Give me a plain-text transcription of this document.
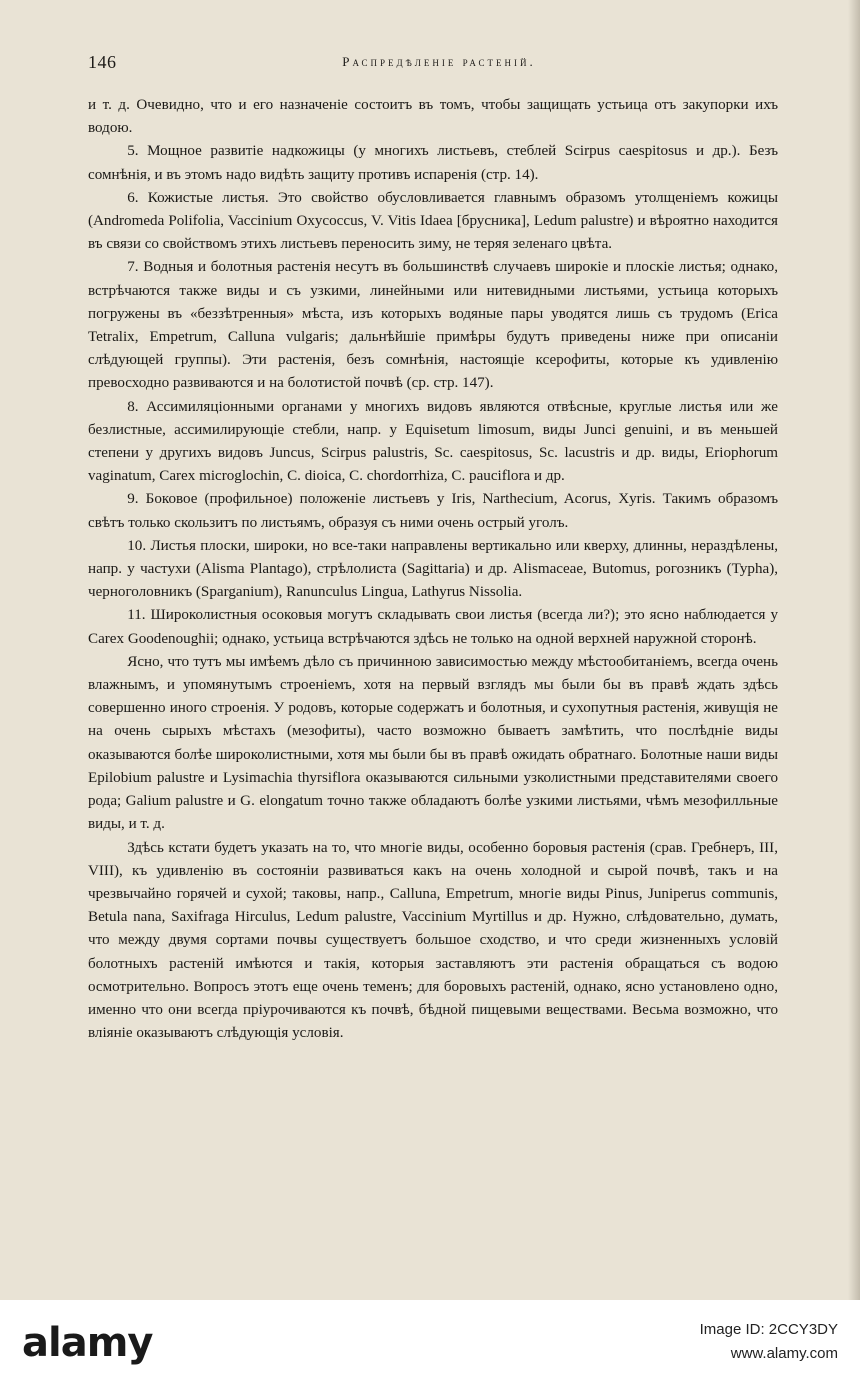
146	Распредѣленіе растеній.

и т. д. Очевидно, что и его назначеніе состоитъ въ томъ, чтобы защищать устьица отъ закупорки ихъ водою.

5. Мощное развитіе надкожицы (у многихъ листьевъ, стеблей Scirpus caespitosus и др.). Безъ сомнѣнія, и въ этомъ надо видѣть защиту противъ испаренія (стр. 14).

6. Кожистые листья. Это свойство обусловливается главнымъ образомъ утолщеніемъ кожицы (Andromeda Polifolia, Vaccinium Oxycoccus, V. Vitis Idaea [брусника], Ledum palustre) и вѣроятно находится въ связи со свойствомъ этихъ листьевъ переносить зиму, не теряя зеленаго цвѣта.

7. Водныя и болотныя растенія несутъ въ большинствѣ случаевъ широкіе и плоскіе листья; однако, встрѣчаются также виды и съ узкими, линейными или нитевидными листьями, устьица которыхъ погружены въ «беззѣтренныя» мѣста, изъ которыхъ водяные пары уводятся лишь съ трудомъ (Erica Tetralix, Empetrum, Calluna vulgaris; дальнѣйшіе примѣры будутъ приведены ниже при описаніи слѣдующей группы). Эти растенія, безъ сомнѣнія, настоящіе ксерофиты, которые къ удивленію превосходно развиваются и на болотистой почвѣ (ср. стр. 147).

8. Ассимиляціонными органами у многихъ видовъ являются отвѣсные, круглые листья или же безлистные, ассимилирующіе стебли, напр. у Equisetum limosum, виды Junci genuini, и въ меньшей степени у другихъ видовъ Juncus, Scirpus palustris, Sc. caespitosus, Sc. lacustris и др. виды, Eriophorum vaginatum, Carex microglochin, C. dioica, C. chordorrhiza, C. pauciflora и др.

9. Боковое (профильное) положеніе листьевъ у Iris, Narthecium, Acorus, Xyris. Такимъ образомъ свѣтъ только скользитъ по листьямъ, образуя съ ними очень острый уголъ.

10. Листья плоски, широки, но все-таки направлены вертикально или кверху, длинны, нераздѣлены, напр. у частухи (Alisma Plantago), стрѣлолиста (Sagittaria) и др. Alismaceae, Butomus, рогозникъ (Typha), черноголовникъ (Sparganium), Ranunculus Lingua, Lathyrus Nissolia.

11. Широколистныя осоковыя могутъ складывать свои листья (всегда ли?); это ясно наблюдается у Carex Goodenoughii; однако, устьица встрѣчаются здѣсь не только на одной верхней наружной сторонѣ.

Ясно, что тутъ мы имѣемъ дѣло съ причинною зависимостью между мѣстообитаніемъ, всегда очень влажнымъ, и упомянутымъ строеніемъ, хотя на первый взглядъ мы были бы въ правѣ ждать здѣсь совершенно иного строенія. У родовъ, которые содержатъ и болотныя, и сухопутныя растенія, живущія не на очень сырыхъ мѣстахъ (мезофиты), часто возможно бываетъ замѣтить, что послѣдніе виды оказываются болѣе широколистными, хотя мы были бы въ правѣ ожидать обратнаго. Болотные наши виды Epilobium palustre и Lysimachia thyrsiflora оказываются сильными узколистными представителями своего рода; Galium palustre и G. elongatum точно также обладаютъ болѣе узкими листьями, чѣмъ мезофилльные виды, и т. д.

Здѣсь кстати будетъ указать на то, что многіе виды, особенно боровыя растенія (срав. Гребнеръ, III, VIII), къ удивленію въ состояніи развиваться какъ на очень холодной и сырой почвѣ, такъ и на чрезвычайно горячей и сухой; таковы, напр., Calluna, Empetrum, многіе виды Pinus, Juniperus communis, Betula nana, Saxifraga Hirculus, Ledum palustre, Vaccinium Myrtillus и др. Нужно, слѣдовательно, думать, что между двумя сортами почвы существуетъ большое сходство, и что среди жизненныхъ условій болотныхъ растеній имѣются и такія, которыя заставляютъ эти растенія обращаться съ водою осмотрительно. Вопросъ этотъ еще очень теменъ; для боровыхъ растеній, однако, ясно установлено одно, именно что они всегда пріурочиваются къ почвѣ, бѣдной пищевыми веществами. Весьма возможно, что вліяніе оказываютъ слѣдующія условія.

alamy	Image ID: 2CCY3DY
www.alamy.com
